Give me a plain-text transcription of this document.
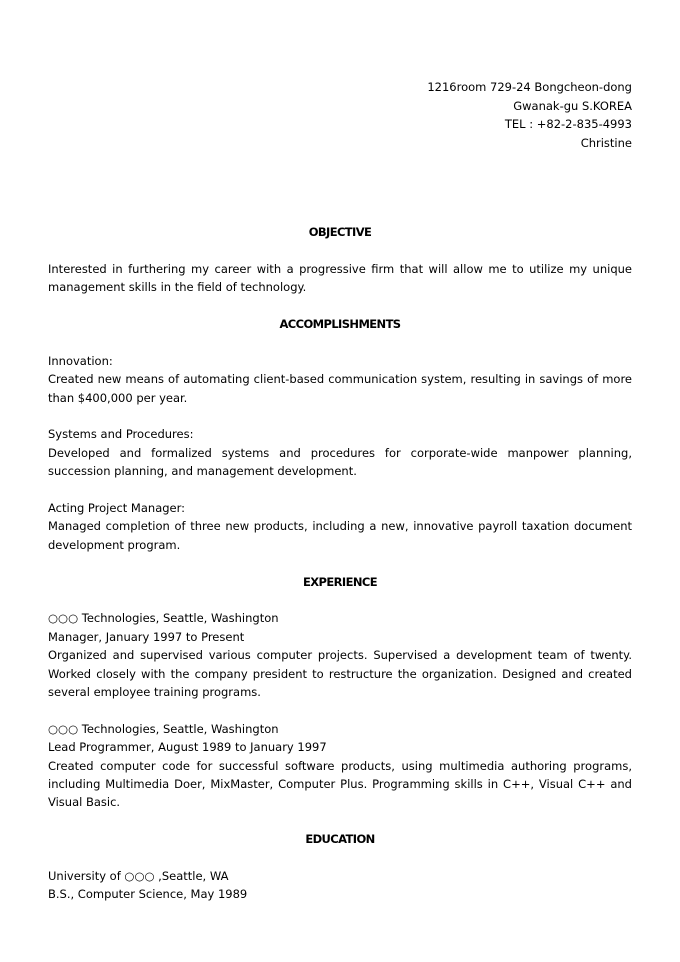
1216room 729-24 Bongcheon-dong
Gwanak-gu S.KOREA
TEL : +82-2-835-4993
Christine
OBJECTIVE
Interested in furthering my career with a progressive firm that will allow me to utilize my unique management skills in the field of technology.
ACCOMPLISHMENTS
Innovation:
Created new means of automating client-based communication system, resulting in savings of more than $400,000 per year.
Systems and Procedures:
Developed and formalized systems and procedures for corporate-wide manpower planning, succession planning, and management development.
Acting Project Manager:
Managed completion of three new products, including a new, innovative payroll taxation document development program.
EXPERIENCE
○○○ Technologies, Seattle, Washington
Manager, January 1997 to Present
Organized and supervised various computer projects. Supervised a development team of twenty. Worked closely with the company president to restructure the organization. Designed and created several employee training programs.
○○○ Technologies, Seattle, Washington
Lead Programmer, August 1989 to January 1997
Created computer code for successful software products, using multimedia authoring programs, including Multimedia Doer, MixMaster, Computer Plus. Programming skills in C++, Visual C++ and Visual Basic.
EDUCATION
University of ○○○ ,Seattle, WA
B.S., Computer Science, May 1989
